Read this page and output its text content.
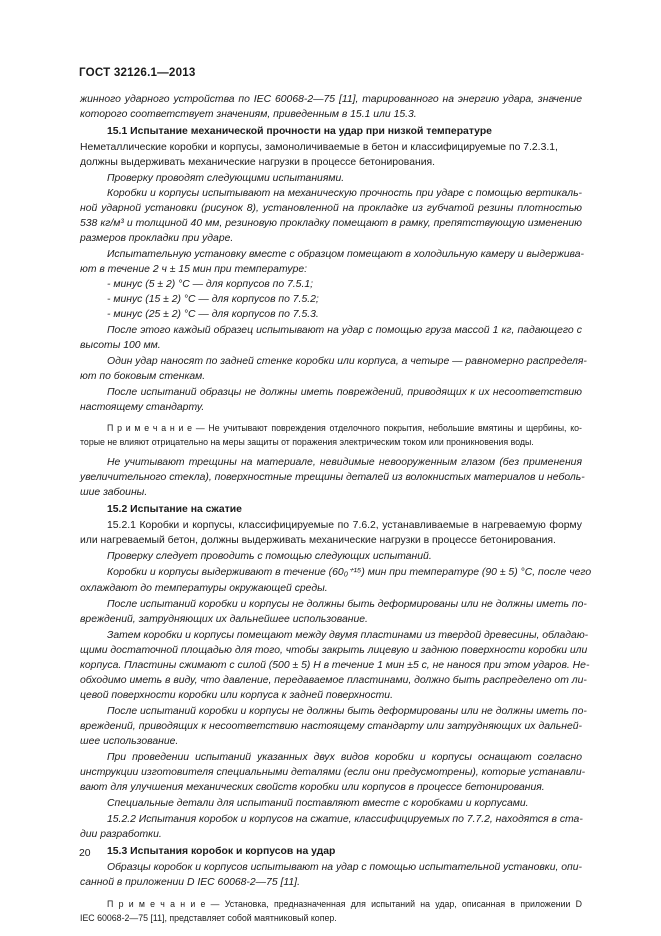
ГОСТ 32126.1—2013
жинного ударного устройства по IEC 60068-2—75 [11], тарированного на энергию удара, значение
которого соответствует значениям, приведенным в 15.1 или 15.3.
15.1 Испытание механической прочности на удар при низкой температуре
Неметаллические коробки и корпусы, замоноличиваемые в бетон и классифицируемые по 7.2.3.1,
должны выдерживать механические нагрузки в процессе бетонирования.
Проверку проводят следующими испытаниями.
Коробки и корпусы испытывают на механическую прочность при ударе с помощью вертикаль-
ной ударной установки (рисунок 8), установленной на прокладке из губчатой резины плотностью
538 кг/м³ и толщиной 40 мм, резиновую прокладку помещают в рамку, препятствующую изменению
размеров прокладки при ударе.
Испытательную установку вместе с образцом помещают в холодильную камеру и выдержива-
ют в течение 2 ч ± 15 мин при температуре:
- минус (5 ± 2) °С — для корпусов по 7.5.1;
- минус (15 ± 2) °С — для корпусов по 7.5.2;
- минус (25 ± 2) °С — для корпусов по 7.5.3.
После этого каждый образец испытывают на удар с помощью груза массой 1 кг, падающего с
высоты 100 мм.
Один удар наносят по задней стенке коробки или корпуса, а четыре — равномерно распределя-
ют по боковым стенкам.
После испытаний образцы не должны иметь повреждений, приводящих к их несоответствию
настоящему стандарту.
П р и м е ч а н и е — Не учитывают повреждения отделочного покрытия, небольшие вмятины и щербины, ко-
торые не влияют отрицательно на меры защиты от поражения электрическим током или проникновения воды.
Не учитывают трещины на материале, невидимые невооруженным глазом (без применения
увеличительного стекла), поверхностные трещины деталей из волокнистых материалов и неболь-
шие забоины.
15.2 Испытание на сжатие
15.2.1 Коробки и корпусы, классифицируемые по 7.6.2, устанавливаемые в нагреваемую форму
или нагреваемый бетон, должны выдерживать механические нагрузки в процессе бетонирования.
Проверку следует проводить с помощью следующих испытаний.
Коробки и корпусы выдерживают в течение (60₀⁺¹⁵) мин при температуре (90 ± 5) °С, после чего
охлаждают до температуры окружающей среды.
После испытаний коробки и корпусы не должны быть деформированы или не должны иметь по-
вреждений, затрудняющих их дальнейшее использование.
Затем коробки и корпусы помещают между двумя пластинами из твердой древесины, обладаю-
щими достаточной площадью для того, чтобы закрыть лицевую и заднюю поверхности коробки или
корпуса. Пластины сжимают с силой (500 ± 5) Н в течение 1 мин ±5 с, не нанося при этом ударов. Не-
обходимо иметь в виду, что давление, передаваемое пластинами, должно быть распределено от ли-
цевой поверхности коробки или корпуса к задней поверхности.
После испытаний коробки и корпусы не должны быть деформированы или не должны иметь по-
вреждений, приводящих к несоответствию настоящему стандарту или затрудняющих их дальней-
шее использование.
При проведении испытаний указанных двух видов коробки и корпусы оснащают согласно
инструкции изготовителя специальными деталями (если они предусмотрены), которые устанавли-
вают для улучшения механических свойств коробки или корпусов в процессе бетонирования.
Специальные детали для испытаний поставляют вместе с коробками и корпусами.
15.2.2 Испытания коробок и корпусов на сжатие, классифицируемых по 7.7.2, находятся в ста-
дии разработки.
15.3 Испытания коробок и корпусов на удар
Образцы коробок и корпусов испытывают на удар с помощью испытательной установки, опи-
санной в приложении D IEC 60068-2—75 [11].
П р и м е ч а н и е — Установка, предназначенная для испытаний на удар, описанная в приложении D
IEC 60068-2—75 [11], представляет собой маятниковый копер.
20
